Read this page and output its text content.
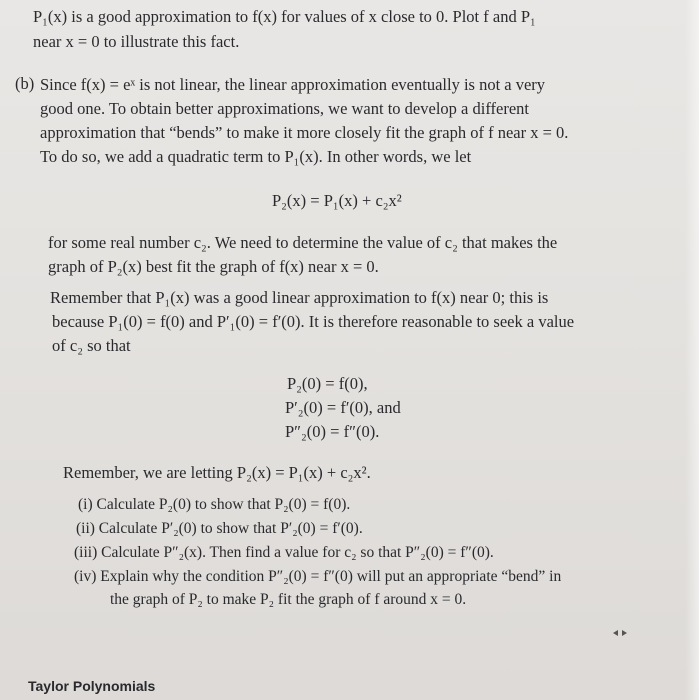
P₁(x) is a good approximation to f(x) for values of x close to 0. Plot f and P₁
near x = 0 to illustrate this fact.
(b) Since f(x) = eˣ is not linear, the linear approximation eventually is not a very
good one. To obtain better approximations, we want to develop a different
approximation that “bends” to make it more closely fit the graph of f near x = 0.
To do so, we add a quadratic term to P₁(x). In other words, we let
P₂(x) = P₁(x) + c₂x²
for some real number c₂. We need to determine the value of c₂ that makes the
graph of P₂(x) best fit the graph of f(x) near x = 0.
Remember that P₁(x) was a good linear approximation to f(x) near 0; this is
because P₁(0) = f(0) and P′₁(0) = f′(0). It is therefore reasonable to seek a value
of c₂ so that
P₂(0) = f(0),
P′₂(0) = f′(0), and
P″₂(0) = f″(0).
Remember, we are letting P₂(x) = P₁(x) + c₂x².
(i) Calculate P₂(0) to show that P₂(0) = f(0).
(ii) Calculate P′₂(0) to show that P′₂(0) = f′(0).
(iii) Calculate P″₂(x). Then find a value for c₂ so that P″₂(0) = f″(0).
(iv) Explain why the condition P″₂(0) = f″(0) will put an appropriate “bend” in
the graph of P₂ to make P₂ fit the graph of f around x = 0.
Taylor Polynomials
